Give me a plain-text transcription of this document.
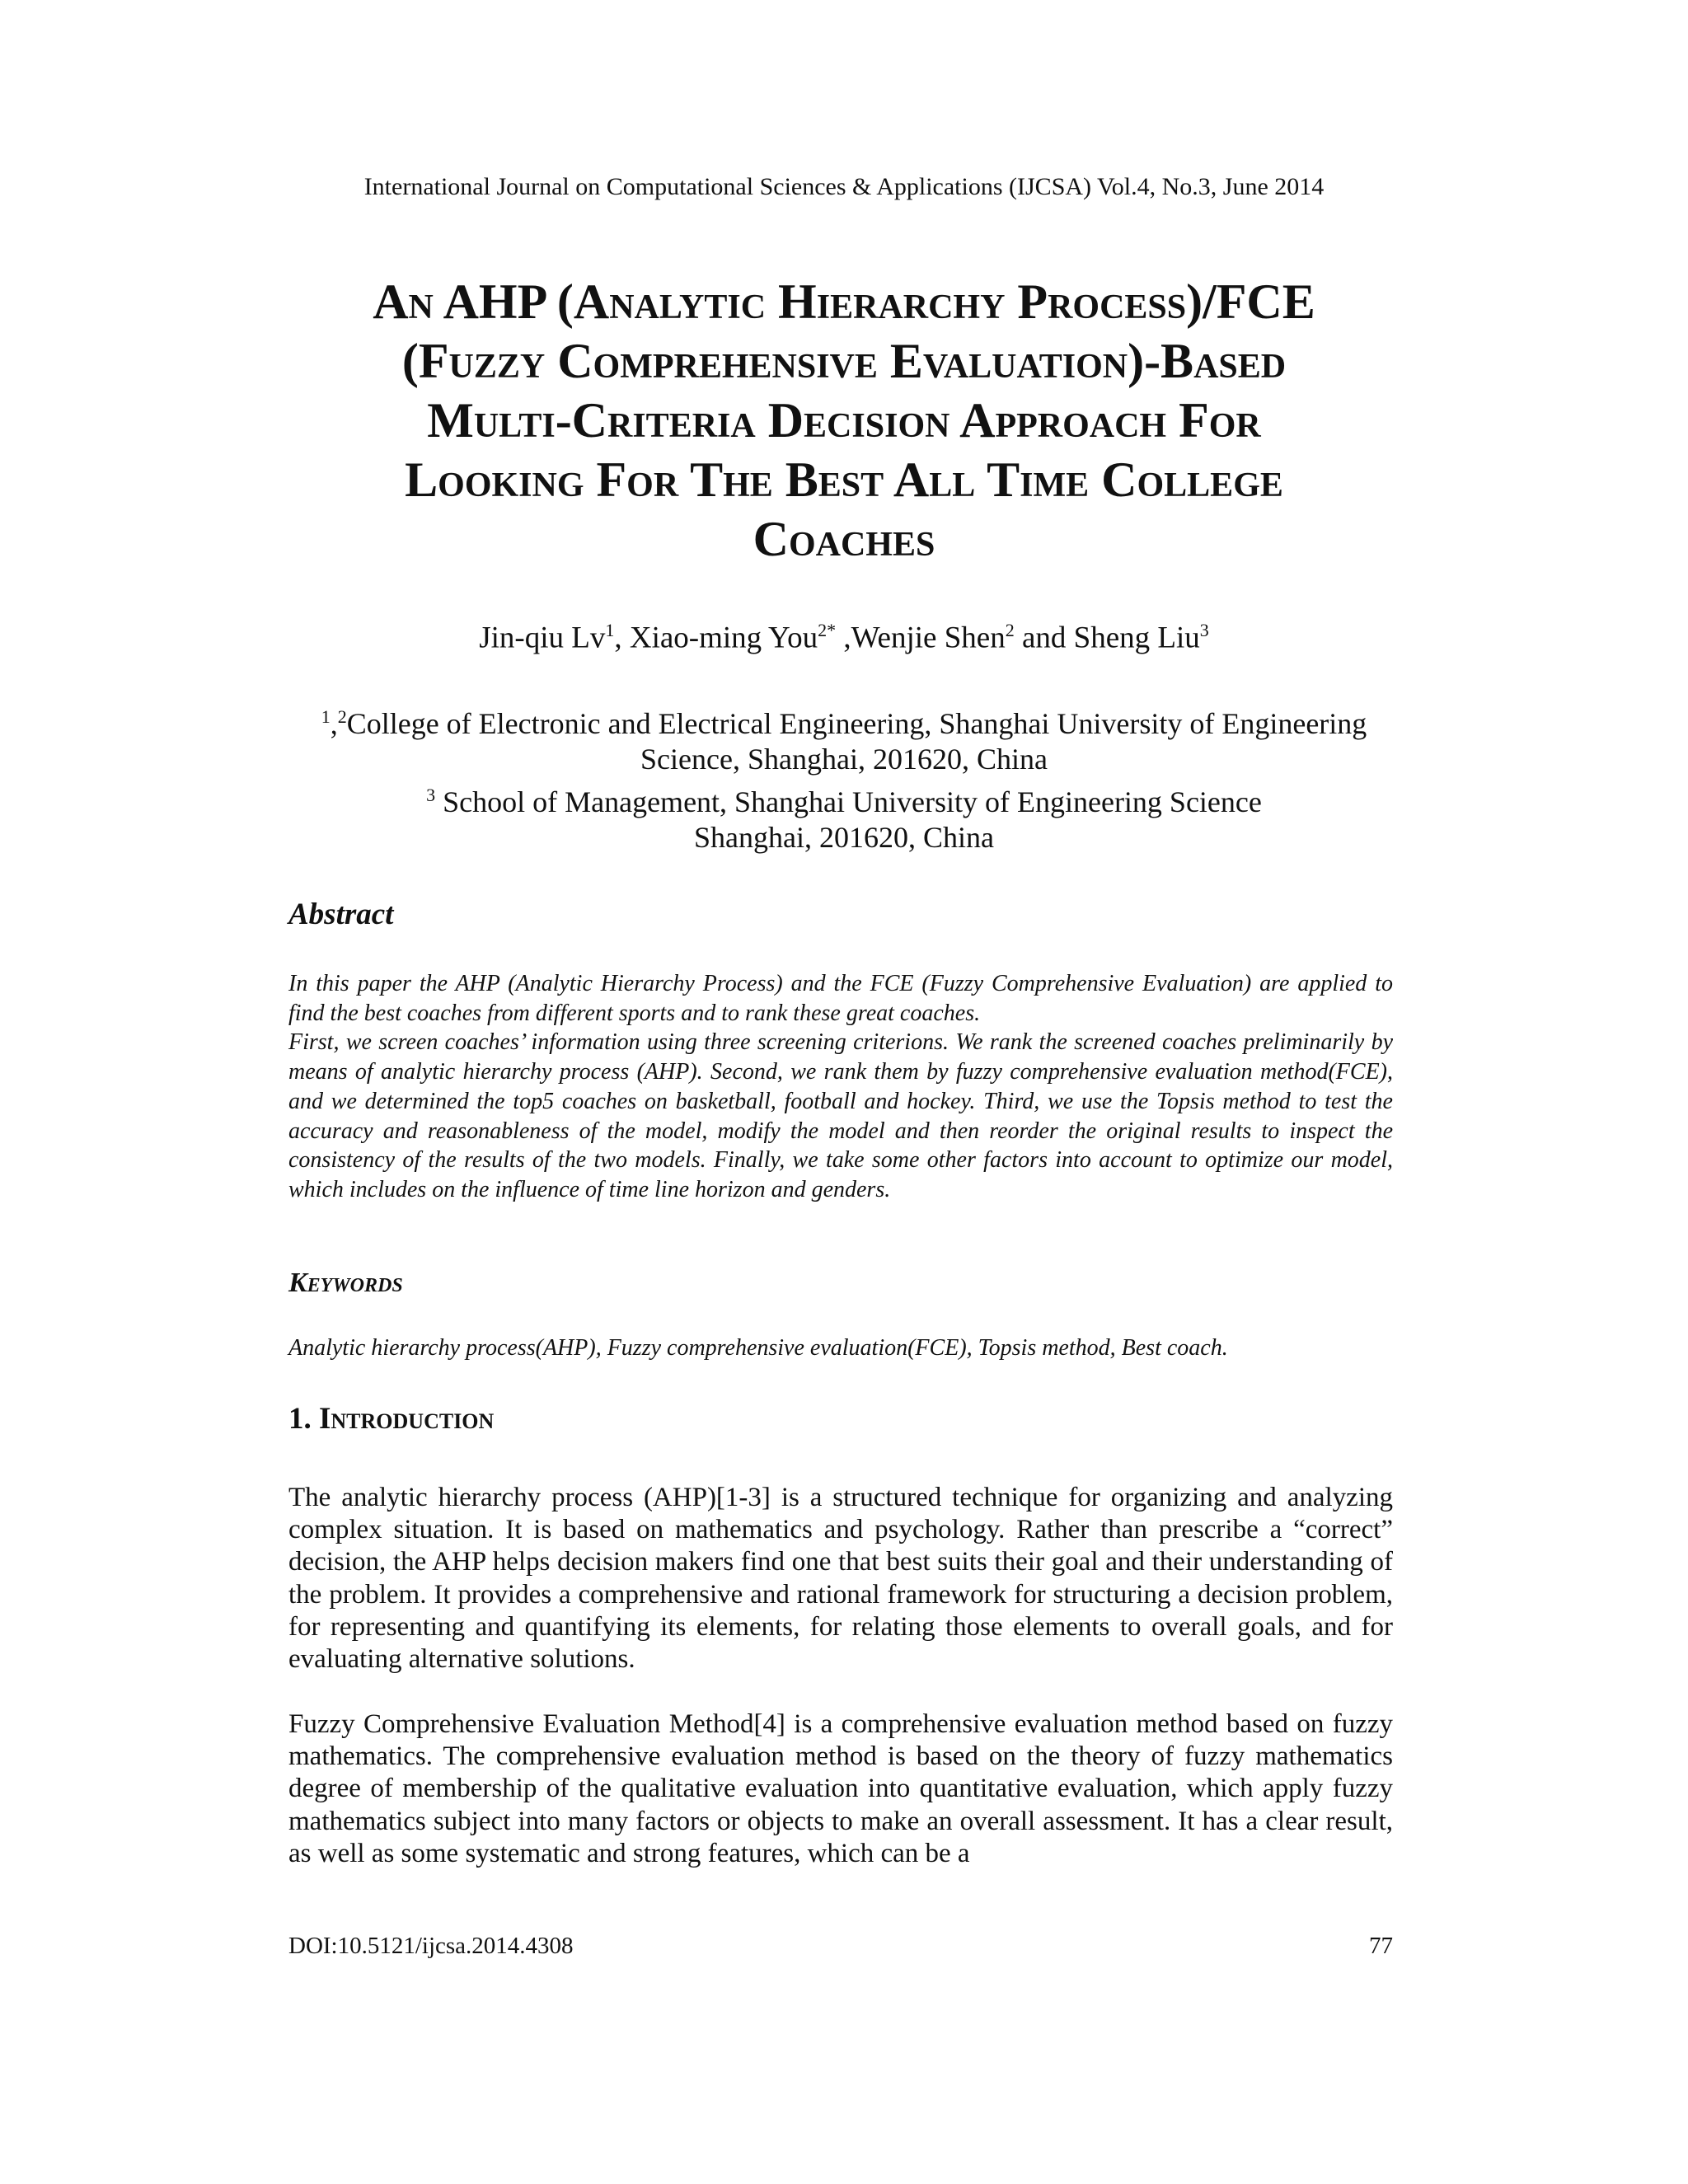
International Journal on Computational Sciences & Applications (IJCSA) Vol.4, No.3, June 2014
An AHP (Analytic Hierarchy Process)/FCE
(Fuzzy Comprehensive Evaluation)-Based
Multi-Criteria Decision Approach For
Looking For The Best All Time College
Coaches
Jin-qiu Lv$^1$, Xiao-ming You$^{2*}$ ,Wenjie Shen$^2$ and Sheng Liu$^3$
$^1$,$^2$College of Electronic and Electrical Engineering, Shanghai University of Engineering
Science, Shanghai, 201620, China
$^3$ School of Management, Shanghai University of Engineering Science
Shanghai, 201620, China
Abstract

In this paper the AHP (Analytic Hierarchy Process) and the FCE (Fuzzy Comprehensive Evaluation) are applied to find the best coaches from different sports and to rank these great coaches.

First, we screen coaches’ information using three screening criterions. We rank the screened coaches preliminarily by means of analytic hierarchy process (AHP). Second, we rank them by fuzzy comprehensive evaluation method(FCE), and we determined the top5 coaches on basketball, football and hockey. Third, we use the Topsis method to test the accuracy and reasonableness of the model, modify the model and then reorder the original results to inspect the consistency of the results of the two models. Finally, we take some other factors into account to optimize our model, which includes on the influence of time line horizon and genders.

Keywords
Analytic hierarchy process(AHP), Fuzzy comprehensive evaluation(FCE), Topsis method, Best coach.
1. Introduction

The analytic hierarchy process (AHP)[1-3] is a structured technique for organizing and analyzing complex situation. It is based on mathematics and psychology. Rather than prescribe a “correct” decision, the AHP helps decision makers find one that best suits their goal and their understanding of the problem. It provides a comprehensive and rational framework for structuring a decision problem, for representing and quantifying its elements, for relating those elements to overall goals, and for evaluating alternative solutions.

Fuzzy Comprehensive Evaluation Method[4] is a comprehensive evaluation method based on fuzzy mathematics. The comprehensive evaluation method is based on the theory of fuzzy mathematics degree of membership of the qualitative evaluation into quantitative evaluation, which apply fuzzy mathematics subject into many factors or objects to make an overall assessment. It has a clear result, as well as some systematic and strong features, which can be a

DOI:10.5121/ijcsa.2014.4308	77
